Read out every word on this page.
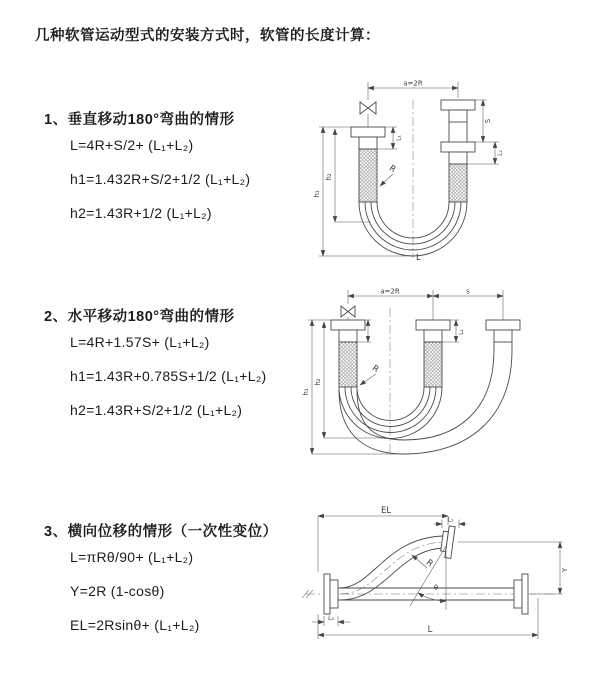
几种软管运动型式的安装方式时，软管的长度计算：
1、垂直移动180°弯曲的情形
L=4R+S/2+ (L₁+L₂)
h1=1.432R+S/2+1/2 (L₁+L₂)
h2=1.43R+1/2 (L₁+L₂)
a=2R
h₁
h₂
L₁
S
L₂
R
L
2、水平移动180°弯曲的情形
L=4R+1.57S+ (L₁+L₂)
h1=1.43R+0.785S+1/2 (L₁+L₂)
h2=1.43R+S/2+1/2 (L₁+L₂)
a=2R	s
h₁
h₂
L₁
R
3、横向位移的情形（一次性变位）
L=πRθ/90+ (L₁+L₂)
Y=2R (1-cosθ)
EL=2Rsinθ+ (L₁+L₂)
EL
L₁
Y
θ
R
L₂
L
